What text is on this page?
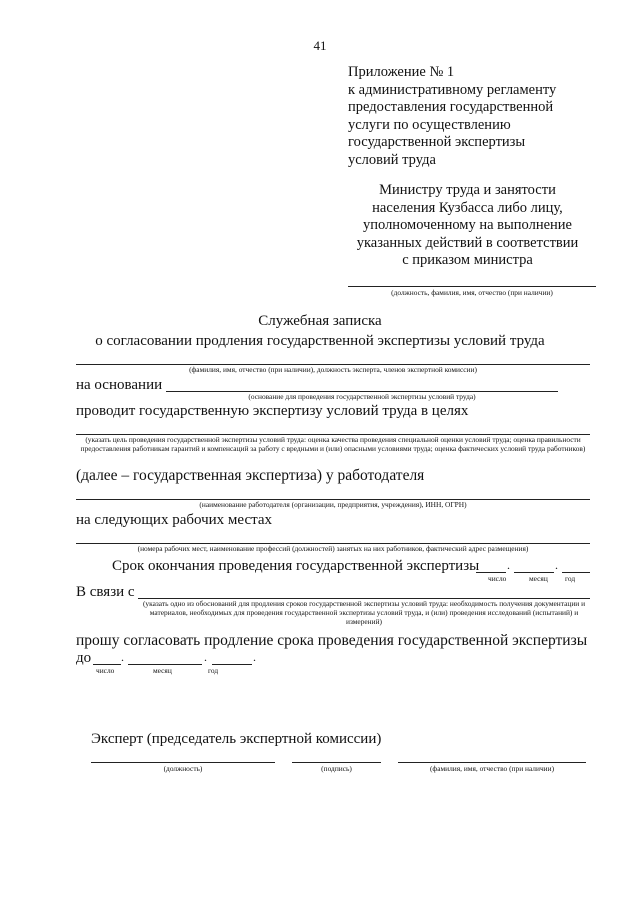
41
Приложение № 1
к административному регламенту
предоставления государственной
услуги по осуществлению
государственной экспертизы
условий труда
Министру труда и занятости
населения Кузбасса либо лицу,
уполномоченному на выполнение
указанных действий в соответствии
с приказом министра
(должность, фамилия, имя, отчество (при наличии)
Служебная записка
о согласовании продления государственной экспертизы условий труда
(фамилия, имя, отчество (при наличии), должность эксперта, членов экспертной комиссии)
на основании
(основание для проведения государственной экспертизы условий труда)
проводит государственную экспертизу условий труда в целях
(указать цель проведения государственной экспертизы условий труда: оценка качества проведения специальной оценки условий труда; оценка правильности предоставления работникам гарантий и компенсаций за работу с вредными и (или) опасными условиями труда; оценка фактических условий труда работников)
(далее – государственная экспертиза) у работодателя
(наименование работодателя (организации, предприятия, учреждения), ИНН, ОГРН)
на следующих рабочих местах
(номера рабочих мест, наименование профессий (должностей) занятых на них работников, фактический адрес размещения)
Срок окончания проведения государственной экспертизы .	.
число	месяц год
В связи с
(указать одно из обоснований для продления сроков государственной экспертизы условий труда: необходимость получения документации и материалов, необходимых для проведения государственной экспертизы условий труда, и (или) проведения исследований (испытаний) и измерений)
прошу согласовать продление срока проведения государственной экспертизы
до .	.	.
число	месяц	год
Эксперт (председатель экспертной комиссии)
(должность)	(подпись)	(фамилия, имя, отчество (при наличии)
